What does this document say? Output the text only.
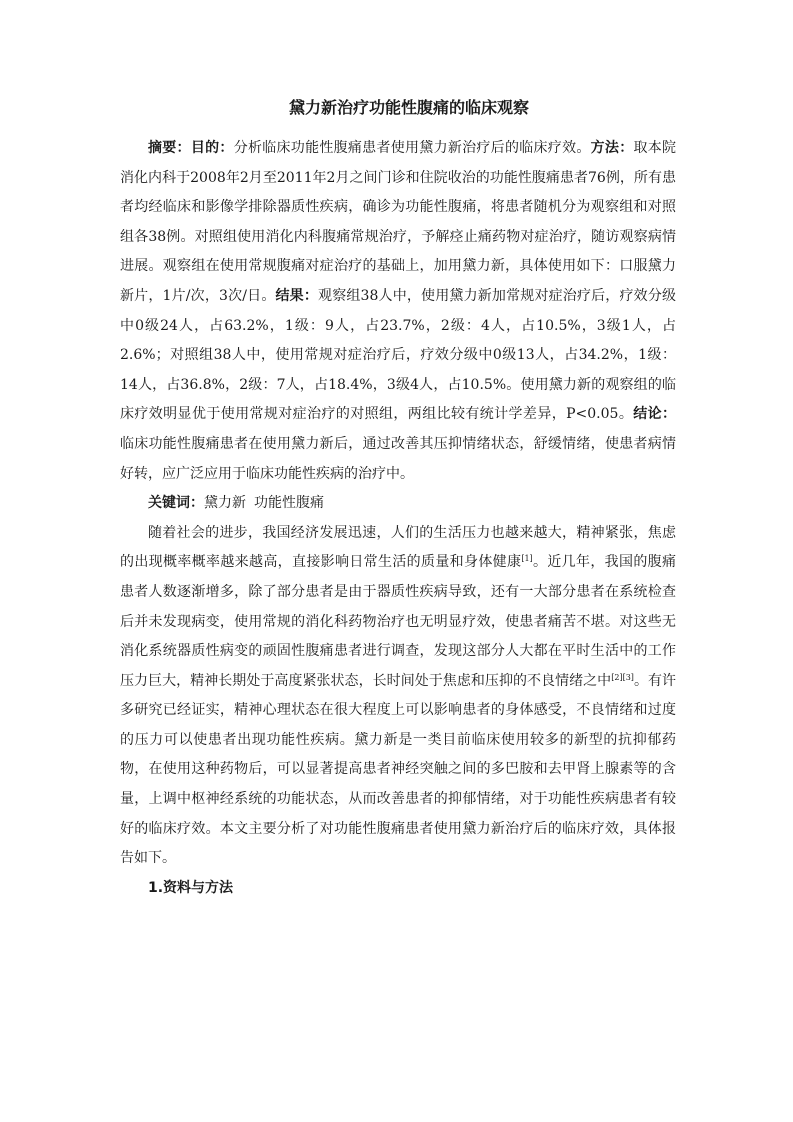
黛力新治疗功能性腹痛的临床观察

摘要：目的：分析临床功能性腹痛患者使用黛力新治疗后的临床疗效。方法：取本院消化内科于2008年2月至2011年2月之间门诊和住院收治的功能性腹痛患者76例，所有患者均经临床和影像学排除器质性疾病，确诊为功能性腹痛，将患者随机分为观察组和对照组各38例。对照组使用消化内科腹痛常规治疗，予解痉止痛药物对症治疗，随访观察病情进展。观察组在使用常规腹痛对症治疗的基础上，加用黛力新，具体使用如下：口服黛力新片，1片/次，3次/日。结果：观察组38人中，使用黛力新加常规对症治疗后，疗效分级中0级24人，占63.2%，1级：9人，占23.7%，2级：4人，占10.5%，3级1人，占2.6%；对照组38人中，使用常规对症治疗后，疗效分级中0级13人，占34.2%，1级：14人，占36.8%，2级：7人，占18.4%，3级4人，占10.5%。使用黛力新的观察组的临床疗效明显优于使用常规对症治疗的对照组，两组比较有统计学差异，P<0.05。结论：临床功能性腹痛患者在使用黛力新后，通过改善其压抑情绪状态，舒缓情绪，使患者病情好转，应广泛应用于临床功能性疾病的治疗中。

关键词：黛力新 功能性腹痛

随着社会的进步，我国经济发展迅速，人们的生活压力也越来越大，精神紧张，焦虑的出现概率概率越来越高，直接影响日常生活的质量和身体健康[1]。近几年，我国的腹痛患者人数逐渐增多，除了部分患者是由于器质性疾病导致，还有一大部分患者在系统检查后并未发现病变，使用常规的消化科药物治疗也无明显疗效，使患者痛苦不堪。对这些无消化系统器质性病变的顽固性腹痛患者进行调查，发现这部分人大都在平时生活中的工作压力巨大，精神长期处于高度紧张状态，长时间处于焦虑和压抑的不良情绪之中[2][3]。有许多研究已经证实，精神心理状态在很大程度上可以影响患者的身体感受，不良情绪和过度的压力可以使患者出现功能性疾病。黛力新是一类目前临床使用较多的新型的抗抑郁药物，在使用这种药物后，可以显著提高患者神经突触之间的多巴胺和去甲肾上腺素等的含量，上调中枢神经系统的功能状态，从而改善患者的抑郁情绪，对于功能性疾病患者有较好的临床疗效。本文主要分析了对功能性腹痛患者使用黛力新治疗后的临床疗效，具体报告如下。

1.资料与方法
